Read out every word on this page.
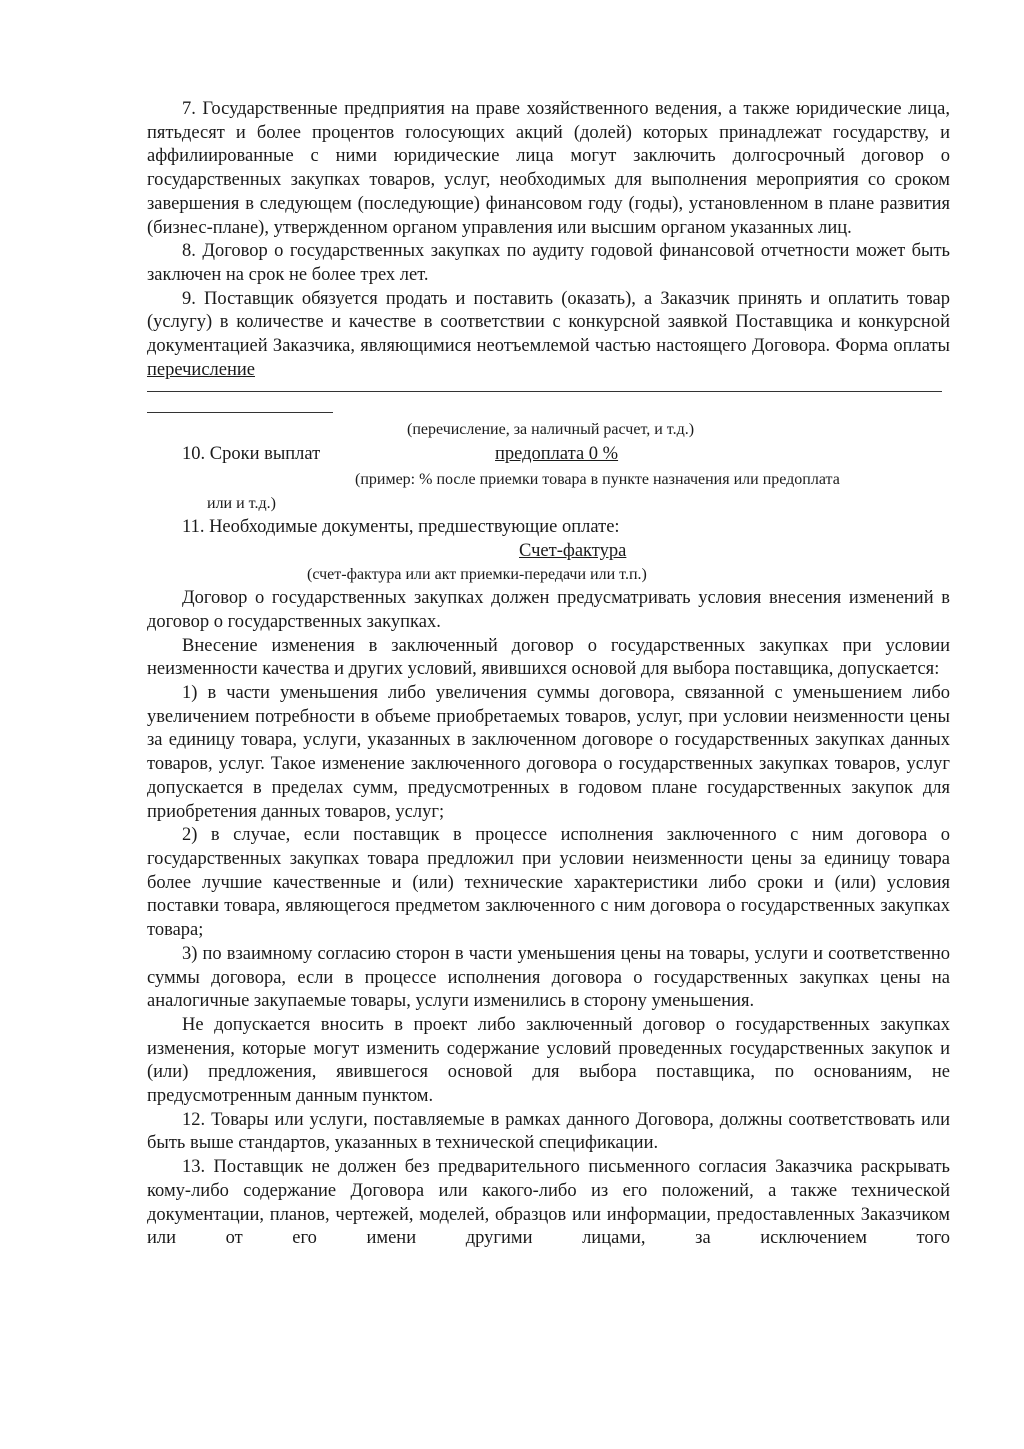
7. Государственные предприятия на праве хозяйственного ведения, а также юридические лица, пятьдесят и более процентов голосующих акций (долей) которых принадлежат государству, и аффилиированные с ними юридические лица могут заключить долгосрочный договор о государственных закупках товаров, услуг, необходимых для выполнения мероприятия со сроком завершения в следующем (последующие) финансовом году (годы), установленном в плане развития (бизнес-плане), утвержденном органом управления или высшим органом указанных лиц.

8. Договор о государственных закупках по аудиту годовой финансовой отчетности может быть заключен на срок не более трех лет.

9. Поставщик обязуется продать и поставить (оказать), а Заказчик принять и оплатить товар (услугу) в количестве и качестве в соответствии с конкурсной заявкой Поставщика и конкурсной документацией Заказчика, являющимися неотъемлемой частью настоящего Договора. Форма оплаты перечисление

(перечисление, за наличный расчет, и т.д.)
10. Сроки выплат	предоплата 0 %
(пример: % после приемки товара в пункте назначения или предоплата
или и т.д.)
11. Необходимые документы, предшествующие оплате:
Счет-фактура
(счет-фактура или акт приемки-передачи или т.п.)

Договор о государственных закупках должен предусматривать условия внесения изменений в договор о государственных закупках.

Внесение изменения в заключенный договор о государственных закупках при условии неизменности качества и других условий, явившихся основой для выбора поставщика, допускается:

1) в части уменьшения либо увеличения суммы договора, связанной с уменьшением либо увеличением потребности в объеме приобретаемых товаров, услуг, при условии неизменности цены за единицу товара, услуги, указанных в заключенном договоре о государственных закупках данных товаров, услуг. Такое изменение заключенного договора о государственных закупках товаров, услуг допускается в пределах сумм, предусмотренных в годовом плане государственных закупок для приобретения данных товаров, услуг;

2) в случае, если поставщик в процессе исполнения заключенного с ним договора о государственных закупках товара предложил при условии неизменности цены за единицу товара более лучшие качественные и (или) технические характеристики либо сроки и (или) условия поставки товара, являющегося предметом заключенного с ним договора о государственных закупках товара;

3) по взаимному согласию сторон в части уменьшения цены на товары, услуги и соответственно суммы договора, если в процессе исполнения договора о государственных закупках цены на аналогичные закупаемые товары, услуги изменились в сторону уменьшения.

Не допускается вносить в проект либо заключенный договор о государственных закупках изменения, которые могут изменить содержание условий проведенных государственных закупок и (или) предложения, явившегося основой для выбора поставщика, по основаниям, не предусмотренным данным пунктом.

12. Товары или услуги, поставляемые в рамках данного Договора, должны соответствовать или быть выше стандартов, указанных в технической спецификации.

13. Поставщик не должен без предварительного письменного согласия Заказчика раскрывать кому-либо содержание Договора или какого-либо из его положений, а также технической документации, планов, чертежей, моделей, образцов или информации, предоставленных Заказчиком или от его имени другими лицами, за исключением того
